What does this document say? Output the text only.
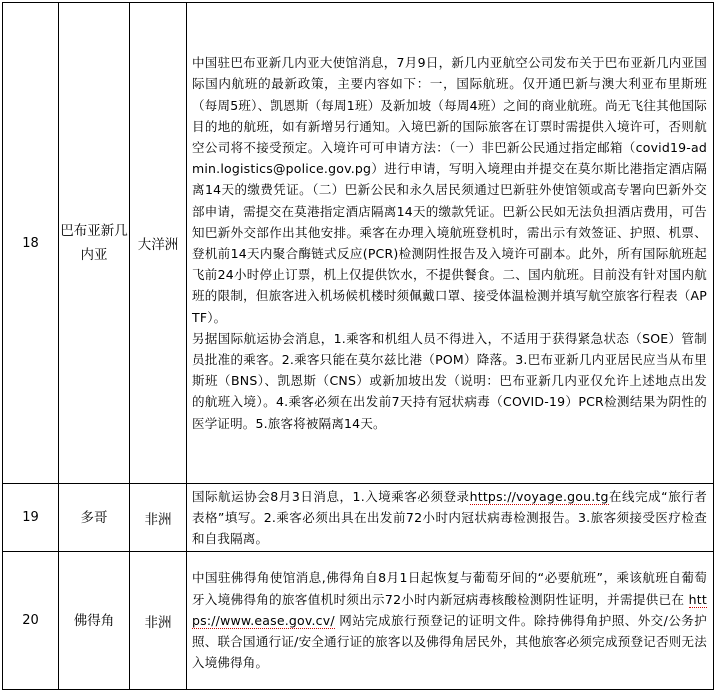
18	巴布亚新几内亚	大洋洲	中国驻巴布亚新几内亚大使馆消息，7月9日，新几内亚航空公司发布关于巴布亚新几内亚国际国内航班的最新政策，主要内容如下：一，国际航班。仅开通巴新与澳大利亚布里斯班（每周5班）、凯恩斯（每周1班）及新加坡（每周4班）之间的商业航班。尚无飞往其他国际目的地的航班，如有新增另行通知。入境巴新的国际旅客在订票时需提供入境许可，否则航空公司将不接受预定。入境许可可申请方法：（一）非巴新公民通过指定邮箱（covid19-admin.logistics@police.gov.pg）进行申请，写明入境理由并提交在莫尔斯比港指定酒店隔离14天的缴费凭证。（二）巴新公民和永久居民须通过巴新驻外使馆领或高专署向巴新外交部申请，需提交在莫港指定酒店隔离14天的缴款凭证。巴新公民如无法负担酒店费用，可告知巴新外交部作出其他安排。乘客在办理入境航班登机时，需出示有效签证、护照、机票、登机前14天内聚合酶链式反应(PCR)检测阴性报告及入境许可副本。此外，所有国际航班起飞前24小时停止订票，机上仅提供饮水，不提供餐食。二、国内航班。目前没有针对国内航班的限制，但旅客进入机场候机楼时须佩戴口罩、接受体温检测并填写航空旅客行程表（APTF）。
另据国际航运协会消息，1.乘客和机组人员不得进入，不适用于获得紧急状态（SOE）管制员批准的乘客。2.乘客只能在莫尔兹比港（POM）降落。3.巴布亚新几内亚居民应当从布里斯班（BNS）、凯恩斯（CNS）或新加坡出发（说明：巴布亚新几内亚仅允许上述地点出发的航班入境）。4.乘客必须在出发前7天持有冠状病毒（COVID-19）PCR检测结果为阴性的医学证明。5.旅客将被隔离14天。

19	多哥	非洲	国际航运协会8月3日消息，1.入境乘客必须登录https://voyage.gou.tg在线完成“旅行者表格”填写。2.乘客必须出具在出发前72小时内冠状病毒检测报告。3.旅客须接受医疗检查和自我隔离。
20	佛得角	非洲	中国驻佛得角使馆消息,佛得角自8月1日起恢复与葡萄牙间的“必要航班”，乘该航班自葡萄牙入境佛得角的旅客值机时须出示72小时内新冠病毒核酸检测阴性证明，并需提供已在 https://www.ease.gov.cv/ 网站完成旅行预登记的证明文件。除持佛得角护照、外交/公务护照、联合国通行证/安全通行证的旅客以及佛得角居民外，其他旅客必须完成预登记否则无法入境佛得角。
